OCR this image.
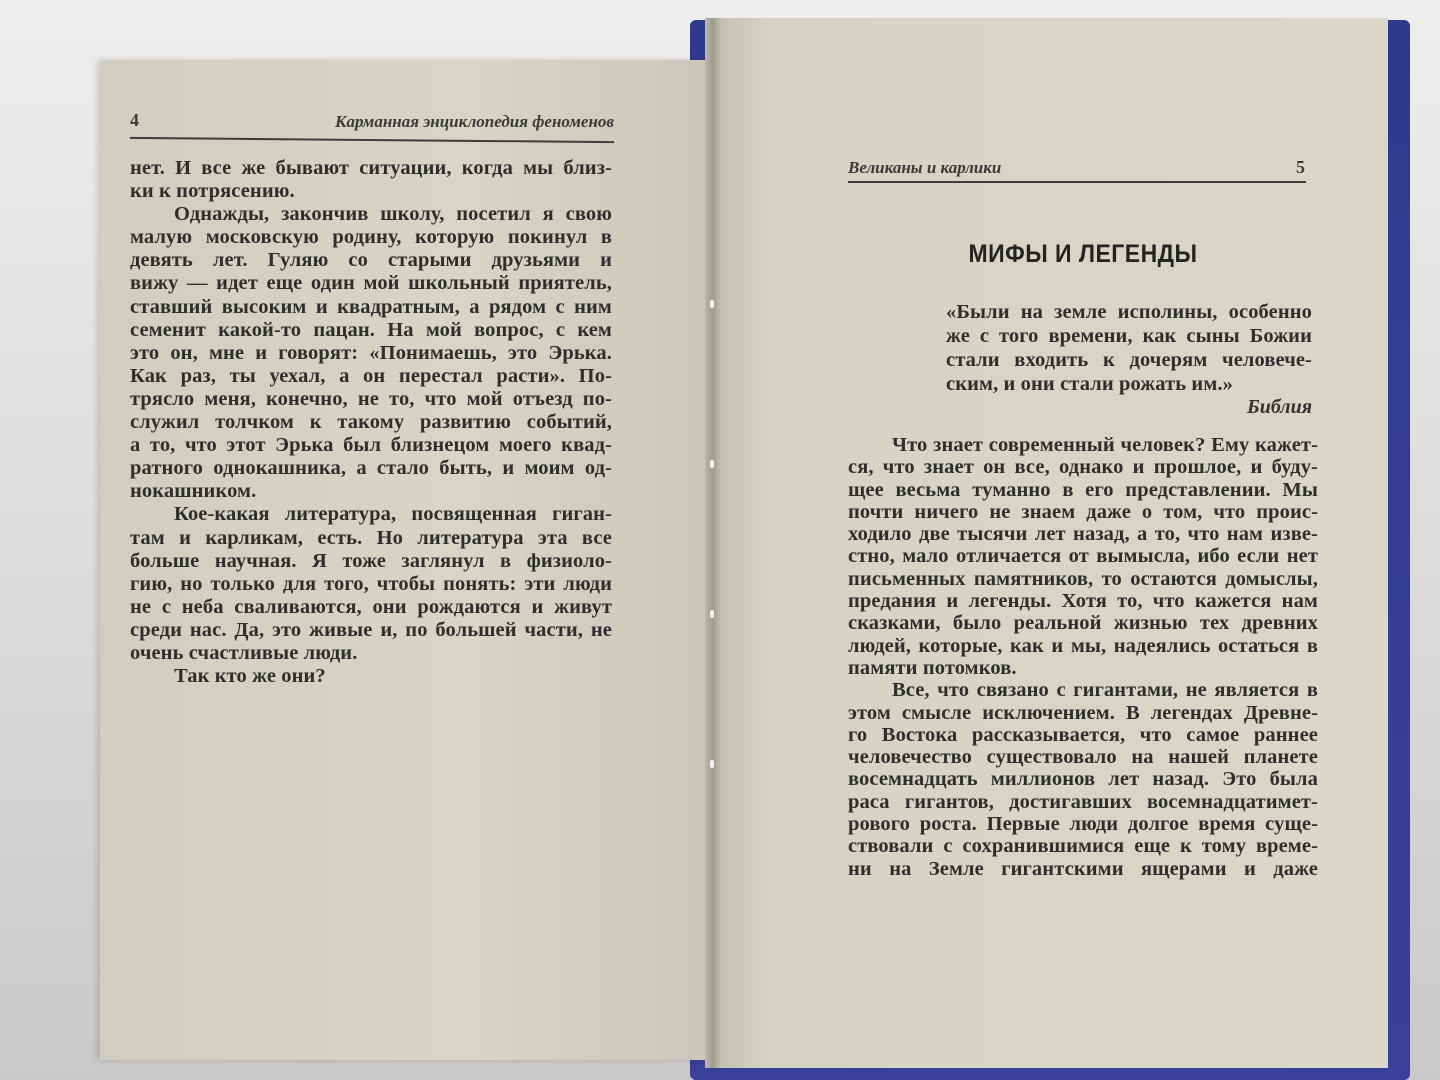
4	Карманная энциклопедия феноменов
нет. И все же бывают ситуации, когда мы близ-
ки к потрясению.
Однажды, закончив школу, посетил я свою
малую московскую родину, которую покинул в
девять лет. Гуляю со старыми друзьями и
вижу — идет еще один мой школьный приятель,
ставший высоким и квадратным, а рядом с ним
семенит какой-то пацан. На мой вопрос, с кем
это он, мне и говорят: «Понимаешь, это Эрька.
Как раз, ты уехал, а он перестал расти». По-
трясло меня, конечно, не то, что мой отъезд по-
служил толчком к такому развитию событий,
а то, что этот Эрька был близнецом моего квад-
ратного однокашника, а стало быть, и моим од-
нокашником.
Кое-какая литература, посвященная гиган-
там и карликам, есть. Но литература эта все
больше научная. Я тоже заглянул в физиоло-
гию, но только для того, чтобы понять: эти люди
не с неба сваливаются, они рождаются и живут
среди нас. Да, это живые и, по большей части, не
очень счастливые люди.
Так кто же они?
Великаны и карлики	5
МИФЫ И ЛЕГЕНДЫ
«Были на земле исполины, особенно
же с того времени, как сыны Божии
стали входить к дочерям человече-
ским, и они стали рожать им.»
Библия
Что знает современный человек? Ему кажет-
ся, что знает он все, однако и прошлое, и буду-
щее весьма туманно в его представлении. Мы
почти ничего не знаем даже о том, что проис-
ходило две тысячи лет назад, а то, что нам изве-
стно, мало отличается от вымысла, ибо если нет
письменных памятников, то остаются домыслы,
предания и легенды. Хотя то, что кажется нам
сказками, было реальной жизнью тех древних
людей, которые, как и мы, надеялись остаться в
памяти потомков.
Все, что связано с гигантами, не является в
этом смысле исключением. В легендах Древне-
го Востока рассказывается, что самое раннее
человечество существовало на нашей планете
восемнадцать миллионов лет назад. Это была
раса гигантов, достигавших восемнадцатимет-
рового роста. Первые люди долгое время суще-
ствовали с сохранившимися еще к тому време-
ни на Земле гигантскими ящерами и даже
